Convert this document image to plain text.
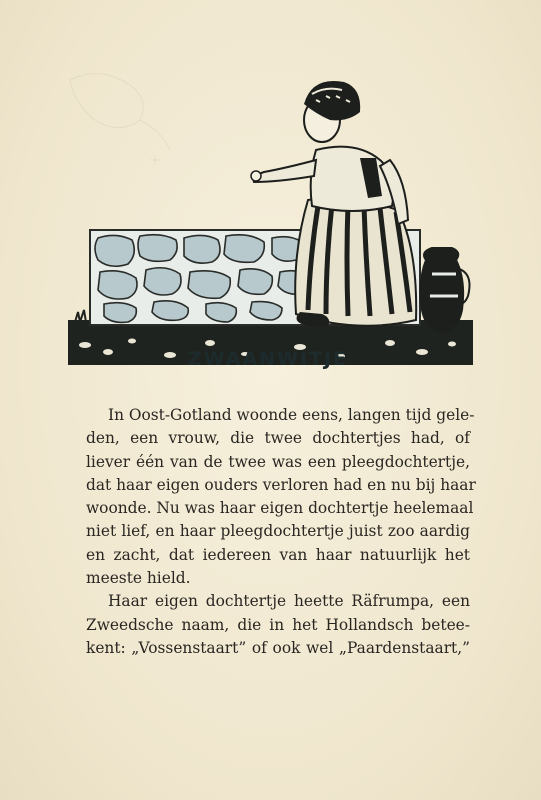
BAA
ZWAANWITJE

In Oost-Gotland woonde eens, langen tijd gele-
den, een vrouw, die twee dochtertjes had, of
liever één van de twee was een pleegdochtertje,
dat haar eigen ouders verloren had en nu bij haar
woonde. Nu was haar eigen dochtertje heelemaal
niet lief, en haar pleegdochtertje juist zoo aardig
en zacht, dat iedereen van haar natuurlijk het
meeste hield.

Haar eigen dochtertje heette Räfrumpa, een
Zweedsche naam, die in het Hollandsch betee-
kent: „Vossenstaart” of ook wel „Paardenstaart,”
